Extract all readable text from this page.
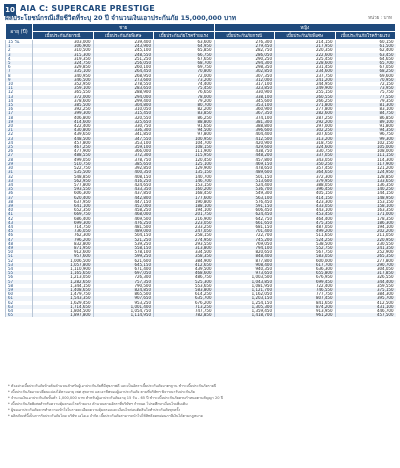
10 AIA C: SUPERCARE PRESTIGE
ผลประโยชน์กรณีเสียชีวิตที่ระบุ 20 ปี จำนวนเงินเอาประกันภัย 15,000,000 บาท	หน่วย : บาท
อายุ (ปี)	ชาย			หญิง		
	เบี้ยประกันภัยกรณี	เบี้ยประกันภัยพิเศษ	เบี้ยประกันภัยโรคร้ายแรง	เบี้ยประกันภัยกรณี	เบี้ยประกันภัยพิเศษ	เบี้ยประกันภัยโรคร้ายแรง
15 วัน	303,000	239,400	63,600	276,300	214,150	60,150
1	306,900	243,900	64,950	279,450	217,950	61,500
2	310,500	245,100	65,850	282,750	220,350	62,400
3	315,300	248,550	66,750	286,050	222,600	63,450
4	319,350	251,250	67,650	290,250	225,450	64,650
5	324,750	256,050	68,700	294,300	228,600	65,700
6	329,850	260,100	69,750	298,350	231,450	67,050
7	335,100	264,450	70,800	302,850	234,600	68,250
8	340,950	268,950	72,000	307,350	237,750	69,600
9	346,500	273,600	73,200	312,000	241,200	70,950
10	352,950	278,550	74,400	317,100	244,950	72,150
11	359,100	283,650	75,450	323,850	249,900	73,950
12	365,550	288,900	76,650	330,900	255,150	75,750
13	372,000	294,000	78,000	338,100	260,550	77,550
14	378,600	299,400	79,200	345,600	266,250	79,350
15	385,500	304,800	80,700	353,100	271,800	81,300
16	392,250	310,050	82,200	360,900	277,800	83,100
17	399,300	315,450	83,850	367,350	282,600	84,750
18	406,800	320,550	86,250	374,100	287,250	86,850
19	414,600	325,650	88,800	381,300	292,200	89,100
20	422,400	330,750	91,650	388,800	297,000	91,800
21	430,800	336,300	94,500	396,600	302,250	94,350
22	439,650	341,850	97,800	404,400	307,650	96,750
23	448,500	347,550	100,950	412,500	313,200	99,300
24	457,800	353,100	104,700	420,900	318,750	102,150
25	467,250	359,100	108,150	429,600	324,600	105,000
26	477,900	366,000	111,900	438,750	330,750	108,000
27	488,550	372,300	115,950	448,200	337,050	111,150
28	499,050	378,750	120,450	457,800	343,050	114,300
29	510,750	385,650	125,100	469,150	350,250	117,900
30	522,750	392,850	129,900	478,650	357,450	121,200
31	535,500	400,350	135,150	489,600	364,650	124,950
32	548,850	408,150	140,700	501,150	372,300	128,850
33	562,950	416,250	146,700	513,600	379,950	133,650
34	577,800	424,650	153,150	524,400	388,050	136,350
35	593,550	433,350	160,200	536,700	396,450	140,250
36	606,300	437,850	168,450	549,300	405,150	144,150
37	620,400	442,800	177,600	563,100	414,150	148,950
38	637,950	447,150	190,800	576,450	423,300	153,150
39	641,100	452,000	188,100	591,150	433,050	158,100
40	652,350	458,250	194,100	606,450	443,100	163,350
41	669,750	468,000	201,750	624,450	453,450	171,000
42	686,400	469,500	216,900	642,750	464,400	178,350
43	699,300	476,250	223,050	661,650	475,350	186,300
44	714,750	481,500	233,250	681,150	487,050	194,100
45	736,050	489,000	247,050	701,400	499,200	202,200
46	762,300	504,150	258,150	722,700	511,650	211,050
47	796,200	521,250	274,950	745,200	524,250	220,950
48	832,800	539,250	293,550	769,050	538,500	230,550
49	871,950	558,150	313,800	794,100	552,750	241,350
50	912,600	578,100	334,500	820,650	567,750	252,900
51	957,600	599,250	358,350	848,400	583,050	265,350
52	1,006,500	621,600	384,900	877,800	600,000	277,800
53	1,057,800	645,150	412,650	908,400	617,700	290,700
54	1,110,900	671,400	439,500	940,350	636,300	304,050
55	1,165,650	697,050	468,600	973,650	655,800	317,850
56	1,213,050	726,300	486,750	1,003,500	676,950	326,550
57	1,282,650	757,350	525,300	1,043,850	699,450	344,400
58	1,344,150	790,500	553,650	1,081,950	722,400	359,550
59	1,408,650	824,850	583,800	1,121,700	746,550	375,150
60	1,479,750	865,500	614,250	1,162,050	777,750	384,300
61	1,543,350	907,650	635,700	1,203,150	807,450	395,700
62	1,629,450	953,250	676,200	1,254,150	841,650	412,500
63	1,714,650	1,001,400	713,250	1,305,300	874,200	431,100
64	1,804,500	1,054,750	747,750	1,359,450	913,950	446,700
65	1,897,800	1,114,950	782,850	1,418,700	961,200	457,500
* ตัวอย่างเบี้ยประกันภัยข้างต้นคำนวณสำหรับผู้เอาประกันภัยที่มีสุขภาพดี และเป็นอัตราเบี้ยประกันภัยมาตรฐาน ชำระเบี้ยประกันภัยรายปี
* เบี้ยประกันภัยอาจเปลี่ยนแปลงได้ตามอายุ เพศ สุขภาพ และอาชีพของผู้เอาประกันภัย ตามที่บริษัทฯ พิจารณารับประกันภัย
* จำนวนเงินเอาประกันภัยขั้นต่ำ 1,000,000 บาท สำหรับผู้เอาประกันภัยอายุ 15 วัน - 65 ปี ชำระเบี้ยประกันภัยครบกำหนดตามสัญญา 20 ปี
* เบี้ยประกันภัยพิเศษสำหรับความคุ้มครองโรคร้ายแรง คำนวณตามอัตราที่บริษัทฯ กำหนด โปรดศึกษาเงื่อนไขเพิ่มเติม
* ผู้ขอเอาประกันภัยควรทำความเข้าใจในรายละเอียดความคุ้มครองและเงื่อนไขก่อนตัดสินใจทำประกันภัยทุกครั้ง
* ผลิตภัณฑ์นี้เป็นการรับประกันภัยโดย บริษัท เอไอเอ จำกัด เบี้ยประกันภัยสามารถนำไปใช้สิทธิลดหย่อนภาษีเงินได้ตามกฎหมาย
